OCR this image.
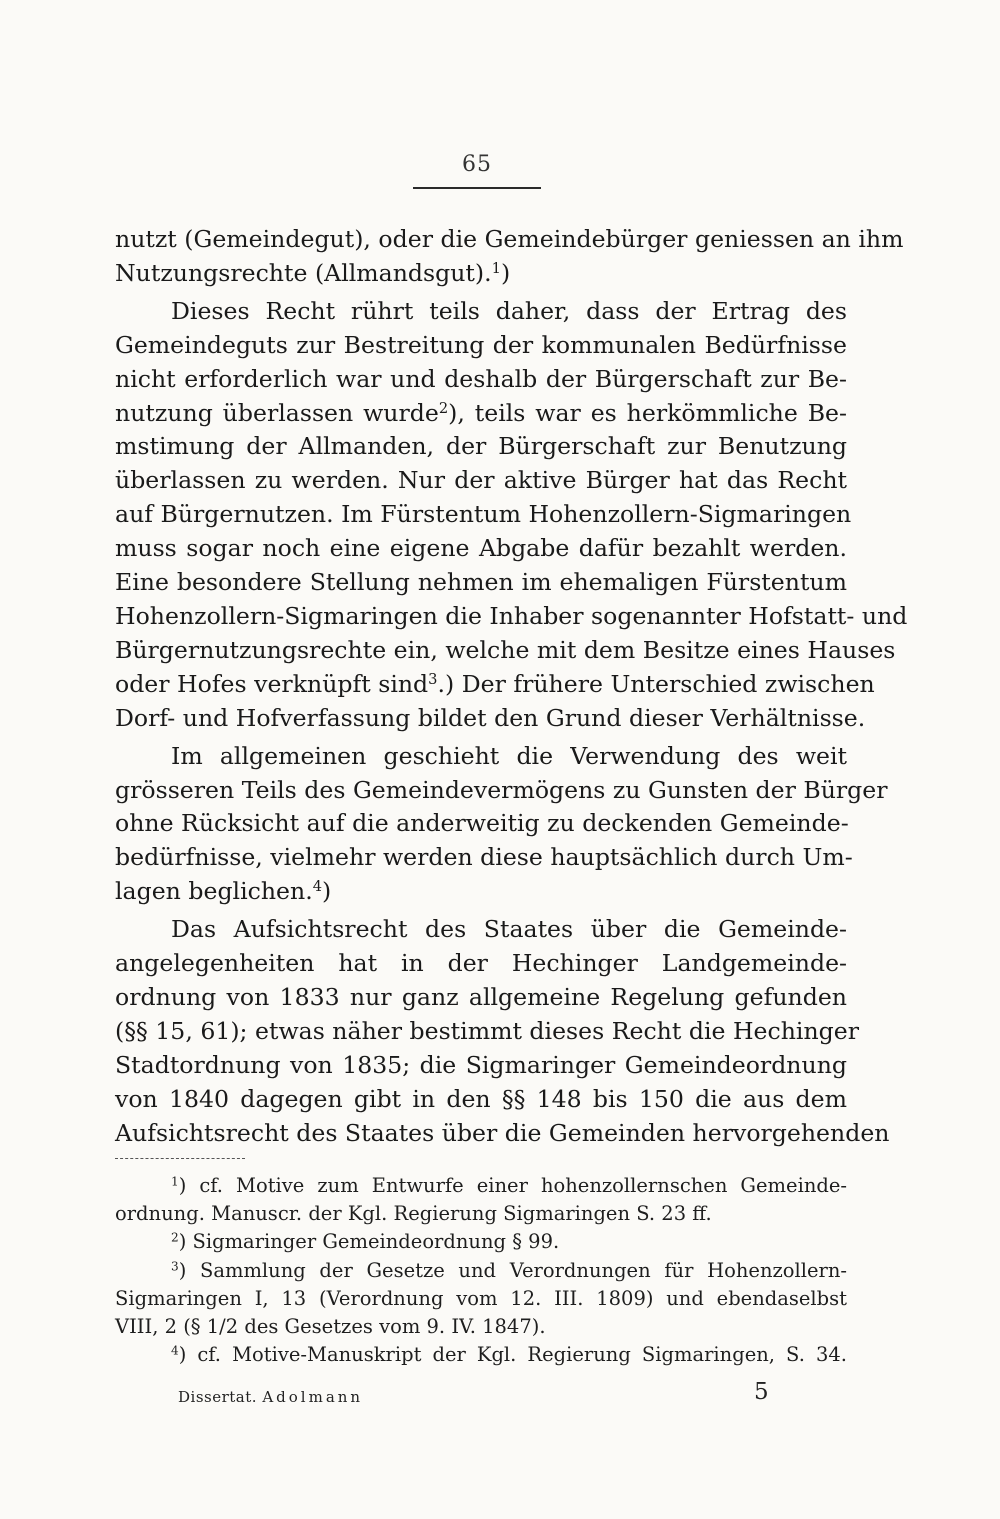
65

nutzt (Gemeindegut), oder die Gemeindebürger geniessen an ihm
Nutzungsrechte (Allmandsgut).$^1$)

Dieses Recht rührt teils daher, dass der Ertrag des
Gemeindeguts zur Bestreitung der kommunalen Bedürfnisse
nicht erforderlich war und deshalb der Bürgerschaft zur Be-
nutzung überlassen wurde$^2$), teils war es herkömmliche Be-
mstimung der Allmanden, der Bürgerschaft zur Benutzung
überlassen zu werden. Nur der aktive Bürger hat das Recht
auf Bürgernutzen. Im Fürstentum Hohenzollern-Sigmaringen
muss sogar noch eine eigene Abgabe dafür bezahlt werden.
Eine besondere Stellung nehmen im ehemaligen Fürstentum
Hohenzollern-Sigmaringen die Inhaber sogenannter Hofstatt- und
Bürgernutzungsrechte ein, welche mit dem Besitze eines Hauses
oder Hofes verknüpft sind$^3$.) Der frühere Unterschied zwischen
Dorf- und Hofverfassung bildet den Grund dieser Verhältnisse.

Im allgemeinen geschieht die Verwendung des weit
grösseren Teils des Gemeindevermögens zu Gunsten der Bürger
ohne Rücksicht auf die anderweitig zu deckenden Gemeinde-
bedürfnisse, vielmehr werden diese hauptsächlich durch Um-
lagen beglichen.$^4$)

Das Aufsichtsrecht des Staates über die Gemeinde-
angelegenheiten hat in der Hechinger Landgemeinde-
ordnung von 1833 nur ganz allgemeine Regelung gefunden
(§§ 15, 61); etwas näher bestimmt dieses Recht die Hechinger
Stadtordnung von 1835; die Sigmaringer Gemeindeordnung
von 1840 dagegen gibt in den §§ 148 bis 150 die aus dem
Aufsichtsrecht des Staates über die Gemeinden hervorgehenden

$^1$) cf. Motive zum Entwurfe einer hohenzollernschen Gemeinde-
ordnung. Manuscr. der Kgl. Regierung Sigmaringen S. 23 ff.

$^2$) Sigmaringer Gemeindeordnung § 99.

$^3$) Sammlung der Gesetze und Verordnungen für Hohenzollern-
Sigmaringen I, 13 (Verordnung vom 12. III. 1809) und ebendaselbst
VIII, 2 (§ 1/2 des Gesetzes vom 9. IV. 1847).

$^4$) cf. Motive-Manuskript der Kgl. Regierung Sigmaringen, S. 34.

Dissertat. Adolmann	5
